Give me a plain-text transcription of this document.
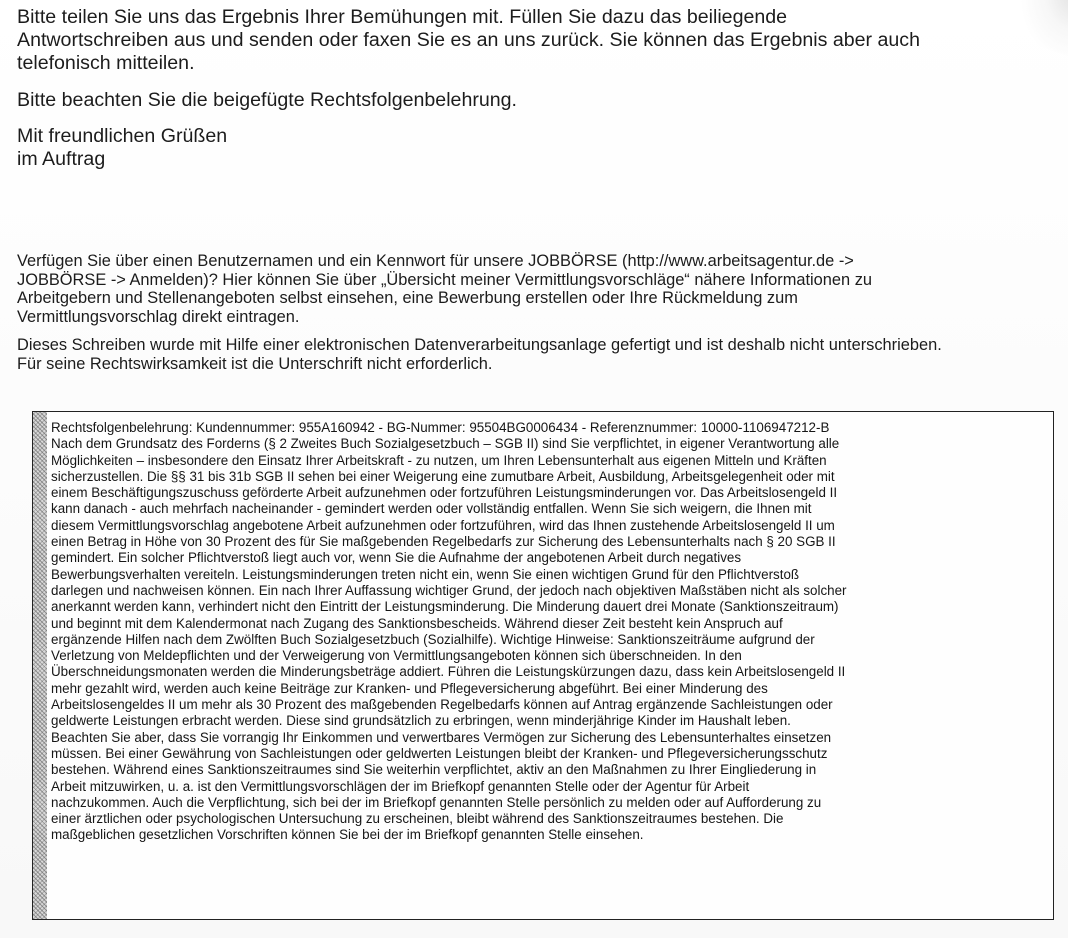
Bitte teilen Sie uns das Ergebnis Ihrer Bemühungen mit. Füllen Sie dazu das beiliegende
Antwortschreiben aus und senden oder faxen Sie es an uns zurück. Sie können das Ergebnis aber auch
telefonisch mitteilen.
Bitte beachten Sie die beigefügte Rechtsfolgenbelehrung.
Mit freundlichen Grüßen
im Auftrag
Verfügen Sie über einen Benutzernamen und ein Kennwort für unsere JOBBÖRSE (http://www.arbeitsagentur.de ->
JOBBÖRSE -> Anmelden)? Hier können Sie über „Übersicht meiner Vermittlungsvorschläge“ nähere Informationen zu
Arbeitgebern und Stellenangeboten selbst einsehen, eine Bewerbung erstellen oder Ihre Rückmeldung zum
Vermittlungsvorschlag direkt eintragen.
Dieses Schreiben wurde mit Hilfe einer elektronischen Datenverarbeitungsanlage gefertigt und ist deshalb nicht unterschrieben.
Für seine Rechtswirksamkeit ist die Unterschrift nicht erforderlich.
Rechtsfolgenbelehrung: Kundennummer: 955A160942 - BG-Nummer: 95504BG0006434 - Referenznummer: 10000-1106947212-B
Nach dem Grundsatz des Forderns (§ 2 Zweites Buch Sozialgesetzbuch – SGB II) sind Sie verpflichtet, in eigener Verantwortung alle
Möglichkeiten – insbesondere den Einsatz Ihrer Arbeitskraft - zu nutzen, um Ihren Lebensunterhalt aus eigenen Mitteln und Kräften
sicherzustellen. Die §§ 31 bis 31b SGB II sehen bei einer Weigerung eine zumutbare Arbeit, Ausbildung, Arbeitsgelegenheit oder mit
einem Beschäftigungszuschuss geförderte Arbeit aufzunehmen oder fortzuführen Leistungsminderungen vor. Das Arbeitslosengeld II
kann danach - auch mehrfach nacheinander - gemindert werden oder vollständig entfallen. Wenn Sie sich weigern, die Ihnen mit
diesem Vermittlungsvorschlag angebotene Arbeit aufzunehmen oder fortzuführen, wird das Ihnen zustehende Arbeitslosengeld II um
einen Betrag in Höhe von 30 Prozent des für Sie maßgebenden Regelbedarfs zur Sicherung des Lebensunterhalts nach § 20 SGB II
gemindert. Ein solcher Pflichtverstoß liegt auch vor, wenn Sie die Aufnahme der angebotenen Arbeit durch negatives
Bewerbungsverhalten vereiteln. Leistungsminderungen treten nicht ein, wenn Sie einen wichtigen Grund für den Pflichtverstoß
darlegen und nachweisen können. Ein nach Ihrer Auffassung wichtiger Grund, der jedoch nach objektiven Maßstäben nicht als solcher
anerkannt werden kann, verhindert nicht den Eintritt der Leistungsminderung. Die Minderung dauert drei Monate (Sanktionszeitraum)
und beginnt mit dem Kalendermonat nach Zugang des Sanktionsbescheids. Während dieser Zeit besteht kein Anspruch auf
ergänzende Hilfen nach dem Zwölften Buch Sozialgesetzbuch (Sozialhilfe). Wichtige Hinweise: Sanktionszeiträume aufgrund der
Verletzung von Meldepflichten und der Verweigerung von Vermittlungsangeboten können sich überschneiden. In den
Überschneidungsmonaten werden die Minderungsbeträge addiert. Führen die Leistungskürzungen dazu, dass kein Arbeitslosengeld II
mehr gezahlt wird, werden auch keine Beiträge zur Kranken- und Pflegeversicherung abgeführt. Bei einer Minderung des
Arbeitslosengeldes II um mehr als 30 Prozent des maßgebenden Regelbedarfs können auf Antrag ergänzende Sachleistungen oder
geldwerte Leistungen erbracht werden. Diese sind grundsätzlich zu erbringen, wenn minderjährige Kinder im Haushalt leben.
Beachten Sie aber, dass Sie vorrangig Ihr Einkommen und verwertbares Vermögen zur Sicherung des Lebensunterhaltes einsetzen
müssen. Bei einer Gewährung von Sachleistungen oder geldwerten Leistungen bleibt der Kranken- und Pflegeversicherungsschutz
bestehen. Während eines Sanktionszeitraumes sind Sie weiterhin verpflichtet, aktiv an den Maßnahmen zu Ihrer Eingliederung in
Arbeit mitzuwirken, u. a. ist den Vermittlungsvorschlägen der im Briefkopf genannten Stelle oder der Agentur für Arbeit
nachzukommen. Auch die Verpflichtung, sich bei der im Briefkopf genannten Stelle persönlich zu melden oder auf Aufforderung zu
einer ärztlichen oder psychologischen Untersuchung zu erscheinen, bleibt während des Sanktionszeitraumes bestehen. Die
maßgeblichen gesetzlichen Vorschriften können Sie bei der im Briefkopf genannten Stelle einsehen.
